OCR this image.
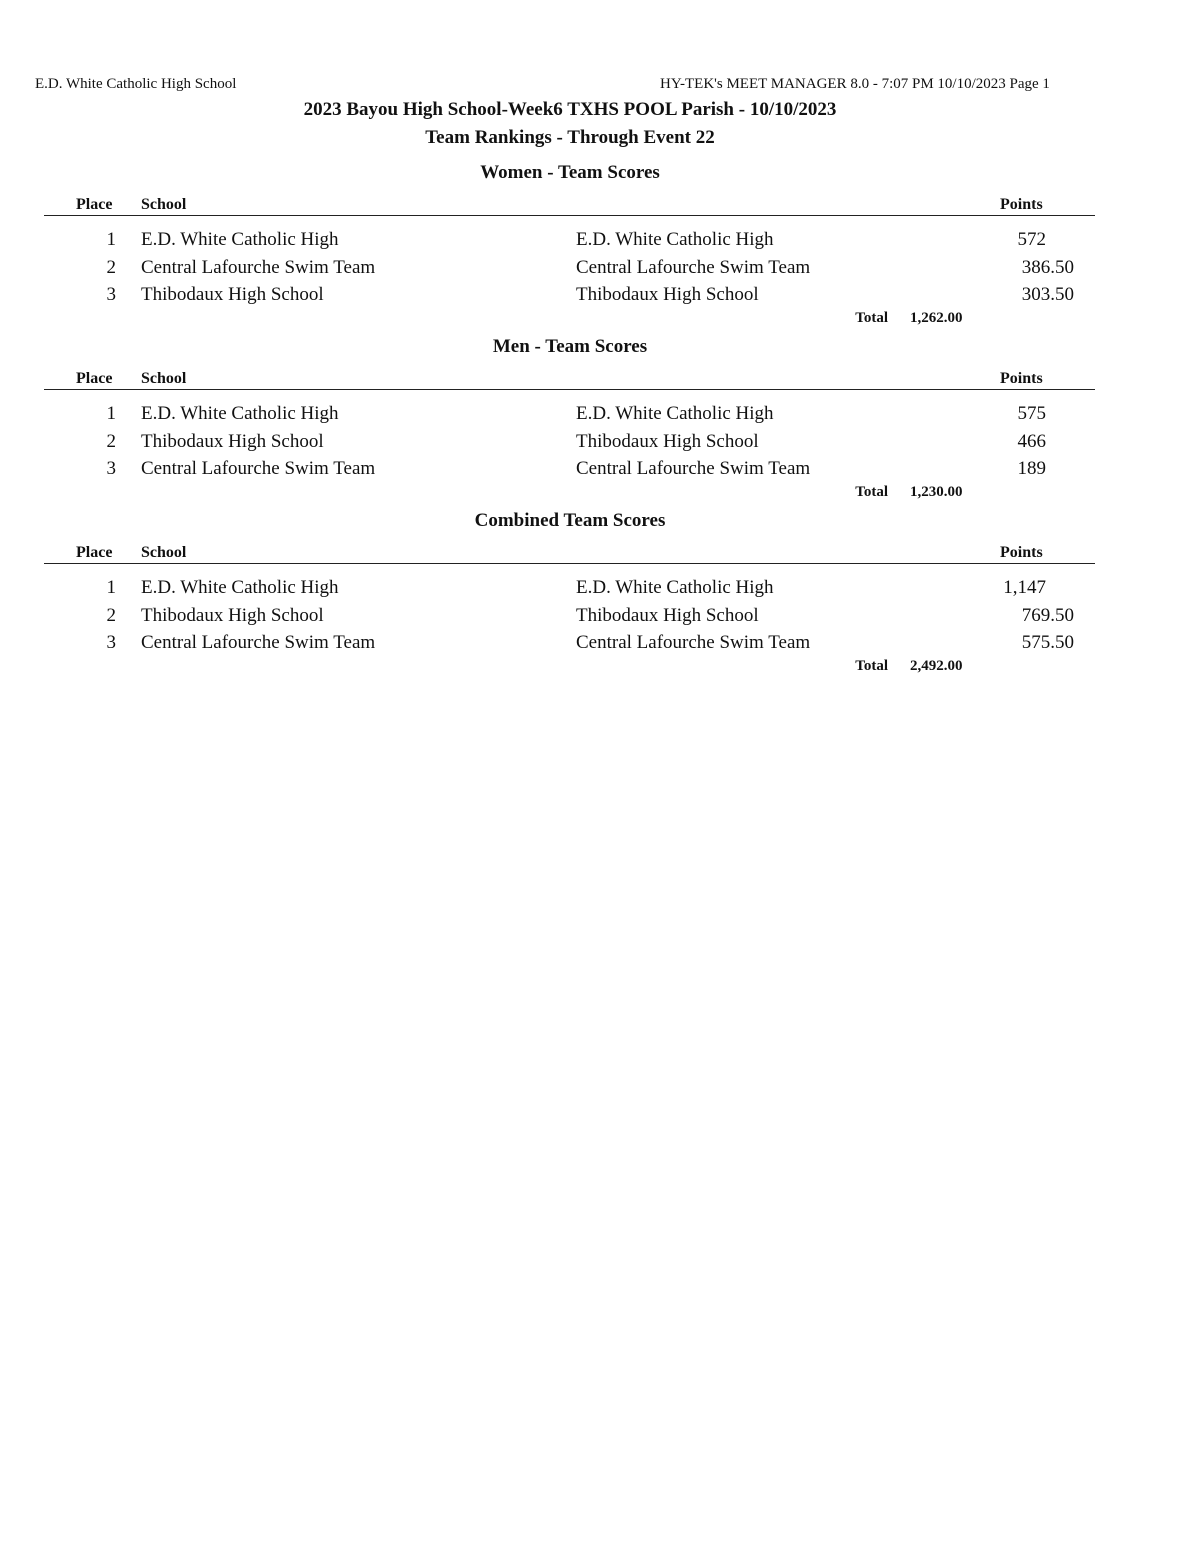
E.D. White Catholic High School	HY-TEK's MEET MANAGER 8.0 - 7:07 PM 10/10/2023 Page 1
2023 Bayou High School-Week6 TXHS POOL Parish - 10/10/2023
Team Rankings - Through Event 22
Women - Team Scores
Place School	Points
1 E.D. White Catholic High	E.D. White Catholic High	572
2 Central Lafourche Swim Team	Central Lafourche Swim Team	386.50
3 Thibodaux High School	Thibodaux High School	303.50
Total 1,262.00
Men - Team Scores
Place School	Points
1 E.D. White Catholic High	E.D. White Catholic High	575
2 Thibodaux High School	Thibodaux High School	466
3 Central Lafourche Swim Team	Central Lafourche Swim Team	189
Total 1,230.00
Combined Team Scores
Place School	Points
1 E.D. White Catholic High	E.D. White Catholic High	1,147
2 Thibodaux High School	Thibodaux High School	769.50
3 Central Lafourche Swim Team	Central Lafourche Swim Team	575.50
Total 2,492.00
